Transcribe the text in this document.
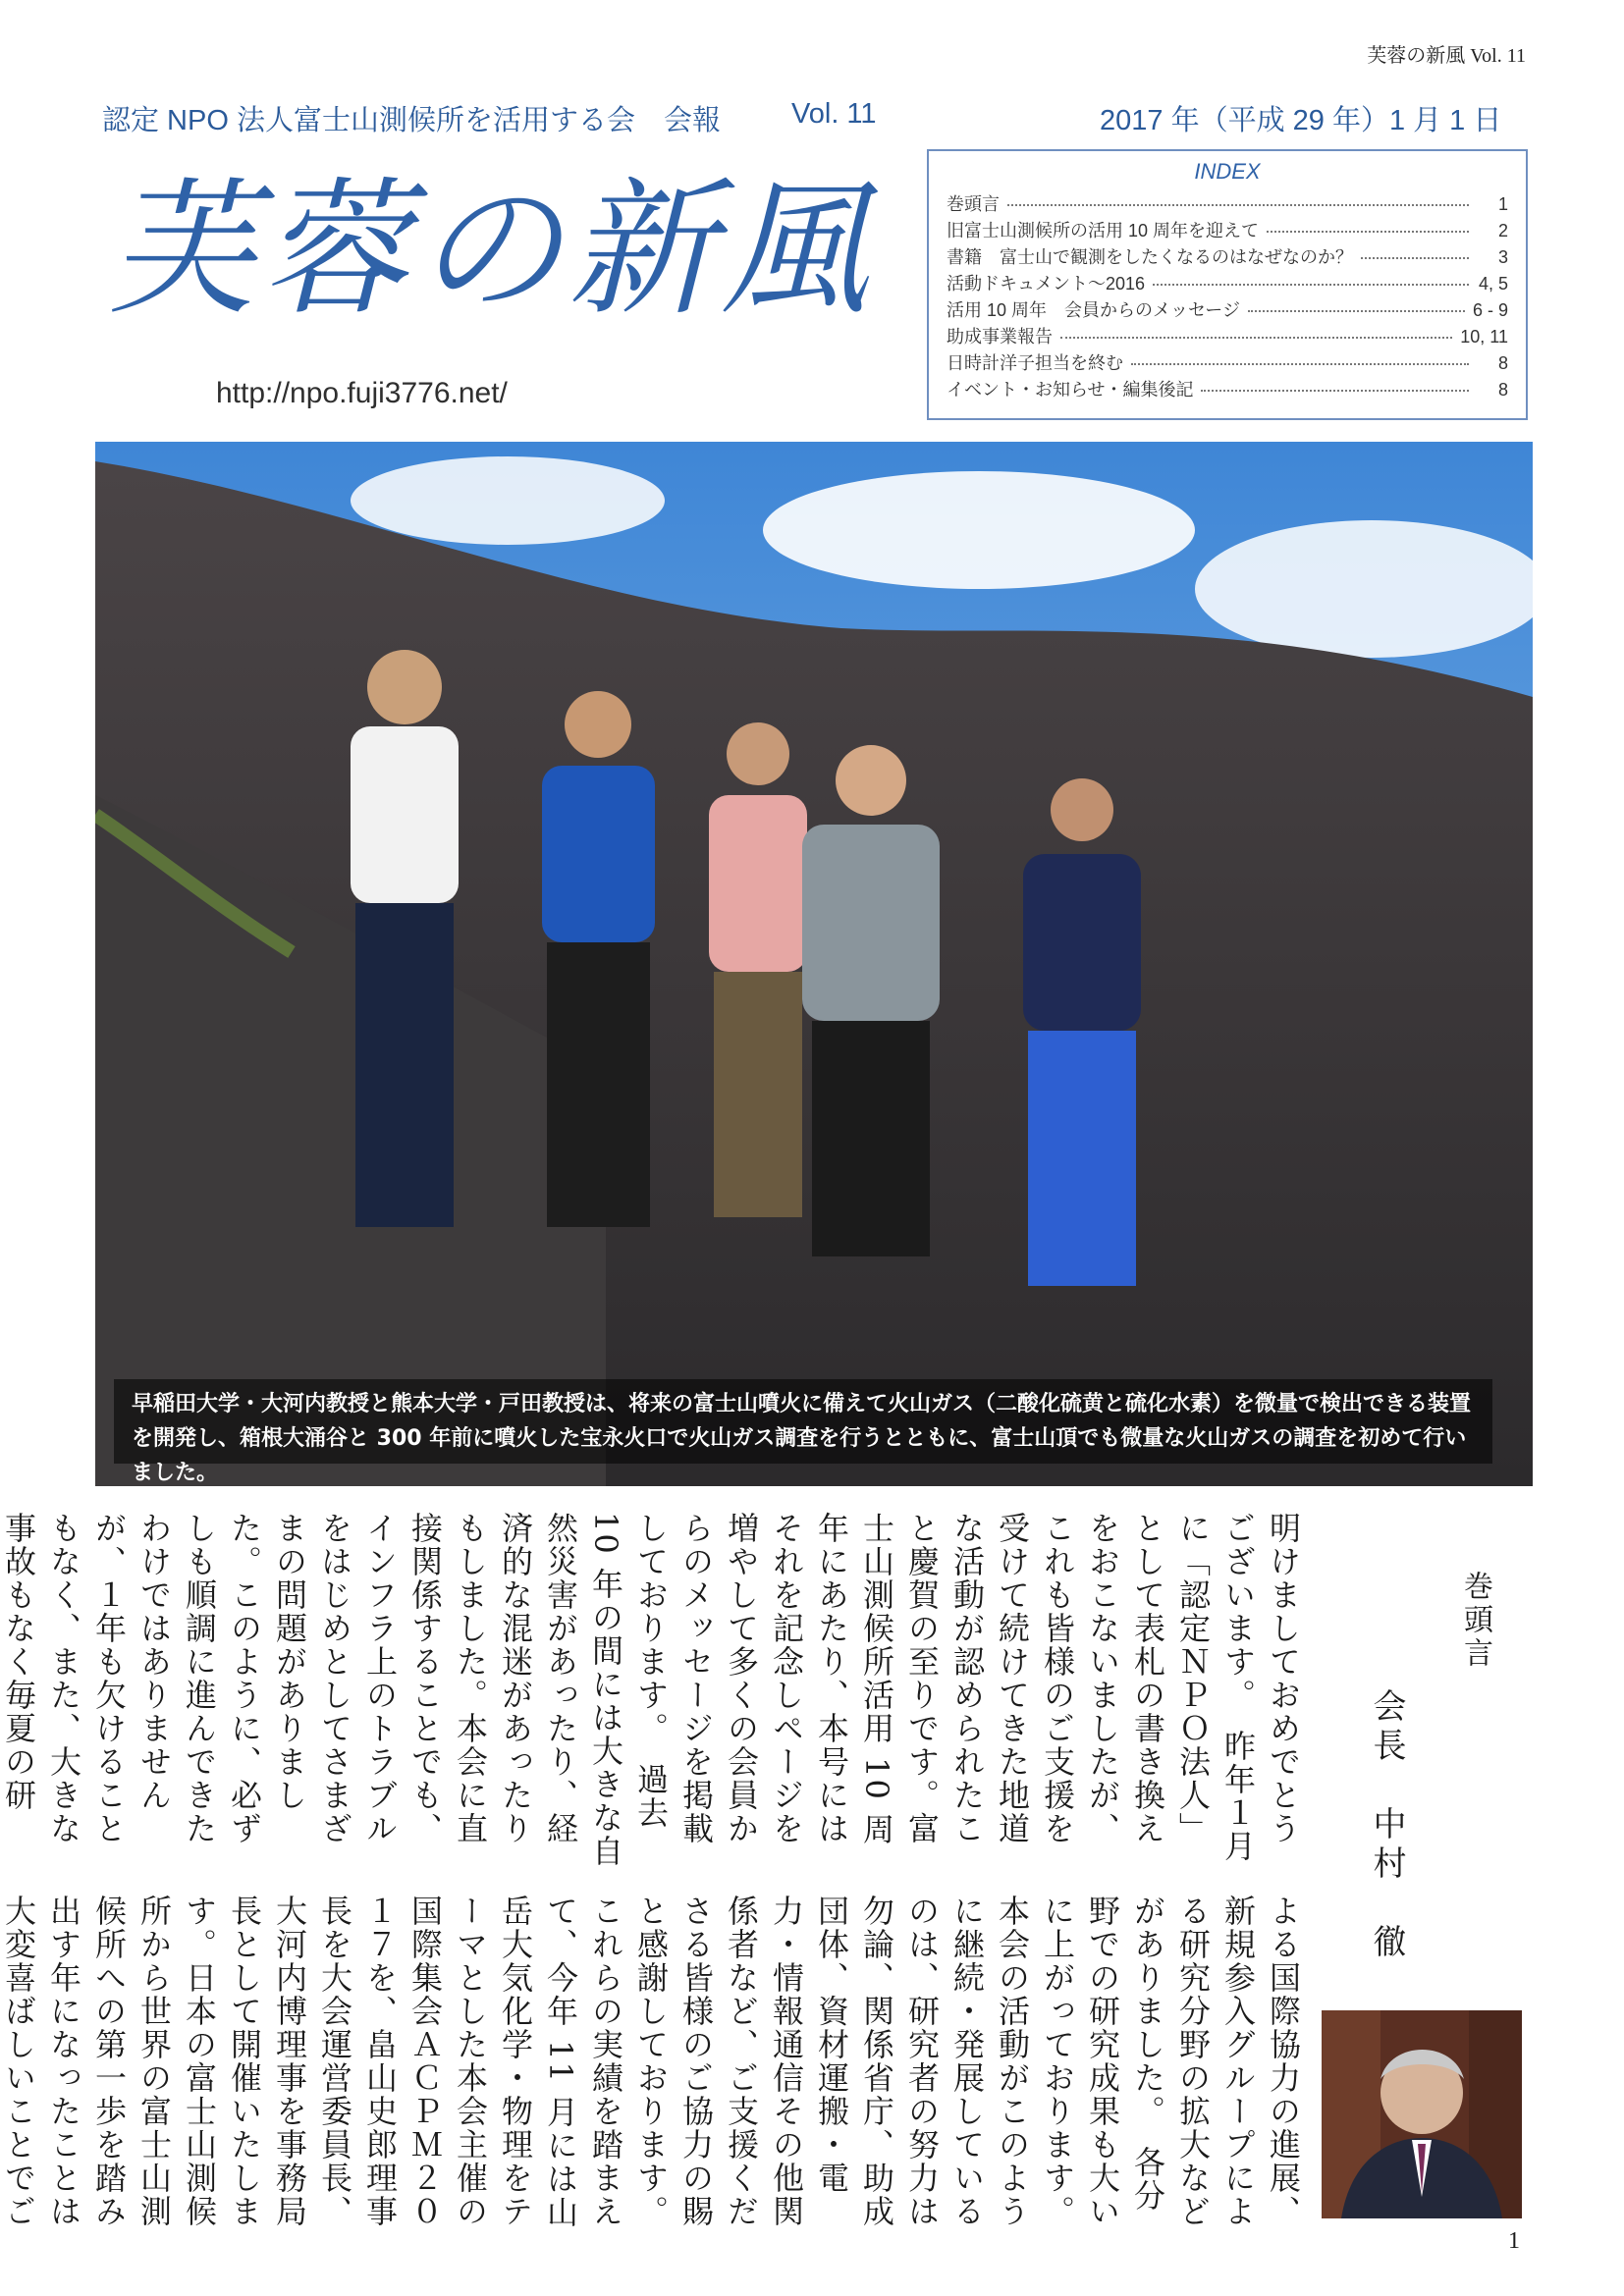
芙蓉の新風 Vol. 11
認定 NPO 法人富士山測候所を活用する会　会報 Vol. 11	2017 年（平成 29 年）1 月 1 日
芙蓉の新風
http://npo.fuji3776.net/
INDEX
巻頭言	1
旧富士山測候所の活用 10 周年を迎えて	2
書籍　富士山で観測をしたくなるのはなぜなのか？	3
活動ドキュメント～2016	4, 5
活用 10 周年　会員からのメッセージ	6 - 9
助成事業報告	10, 11
日時計洋子担当を終む	8
イベント・お知らせ・編集後記	8
早稲田大学・大河内教授と熊本大学・戸田教授は、将来の富士山噴火に備えて火山ガス（二酸化硫黄と硫化水素）を微量で検出できる装置を開発し、箱根大涌谷と 300 年前に噴火した宝永火口で火山ガス調査を行うとともに、富士山頂でも微量な火山ガスの調査を初めて行いました。
巻頭言
会長　中村　徹
明けましておめでとうございます。　昨年１月に「認定ＮＰＯ法人」として表札の書き換えをおこないましたが、これも皆様のご支援を受けて続けてきた地道な活動が認められたこと慶賀の至りです。富士山測候所活用 10 周年にあたり、本号にはそれを記念しページを増やして多くの会員からのメッセージを掲載しております。　過去 10 年の間には大きな自然災害があったり、経済的な混迷があったりもしました。本会に直接関係することでも、インフラ上のトラブルをはじめとしてさまざまの問題がありました。このように、必ずしも順調に進んできたわけではありませんが、１年も欠けることもなく、また、大きな事故もなく毎夏の研
よる国際協力の進展、新規参入グループによる研究分野の拡大などがありました。　各分野での研究成果も大いに上がっております。本会の活動がこのように継続・発展しているのは、研究者の努力は勿論、関係省庁、助成団体、資材運搬・電力・情報通信その他関係者など、ご支援くださる皆様のご協力の賜と感謝しております。　これらの実績を踏まえて、今年 11 月には山岳大気化学・物理をテーマとした本会主催の国際集会ＡＣＰＭ２０１７を、畠山史郎理事長を大会運営委員長、大河内博理事を事務局長として開催いたします。日本の富士山測候所から世界の富士山測候所への第一歩を踏み出す年になったことは大変喜ばしいことでご　　
1
